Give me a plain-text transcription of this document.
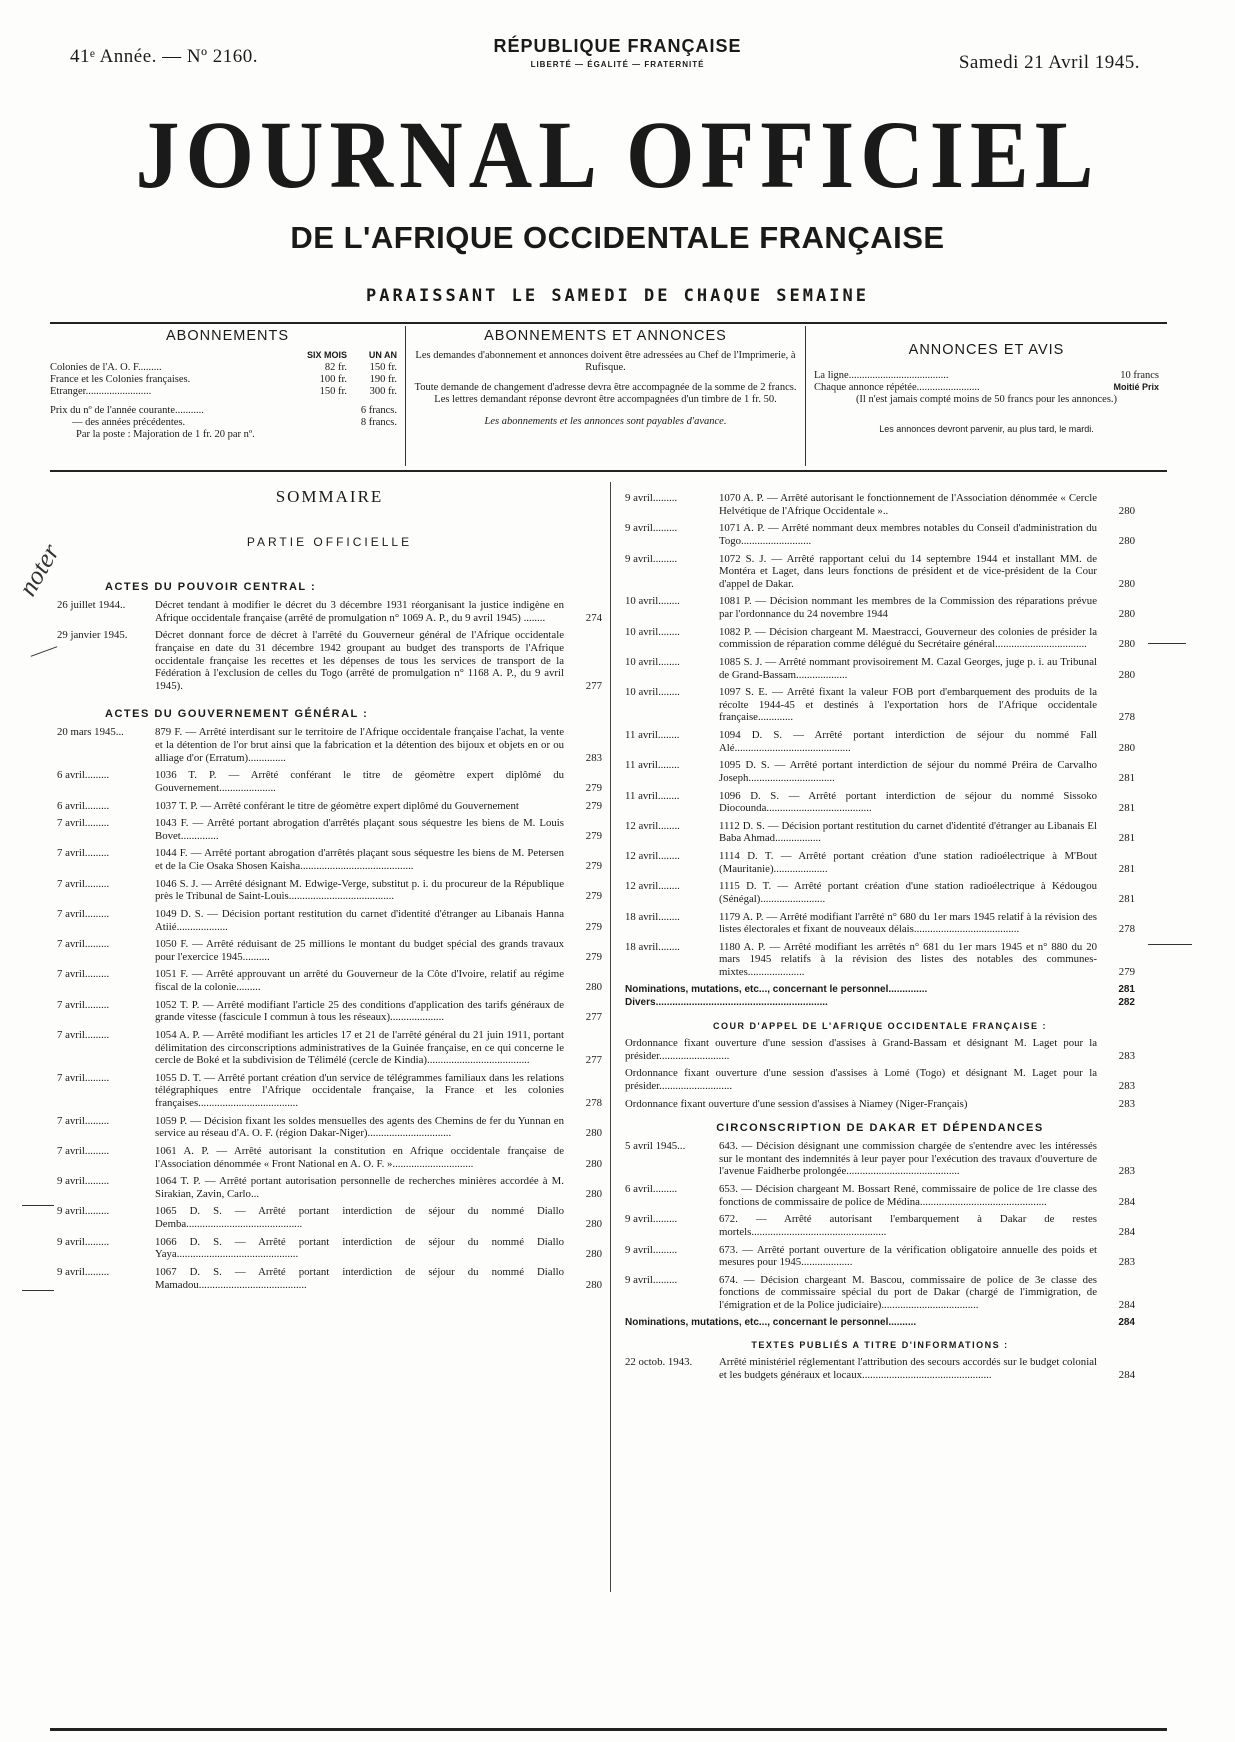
41ᵉ Année. — Nº 2160.	RÉPUBLIQUE FRANÇAISE
LIBERTÉ — ÉGALITÉ — FRATERNITÉ	Samedi 21 Avril 1945.
JOURNAL OFFICIEL
DE L'AFRIQUE OCCIDENTALE FRANÇAISE
PARAISSANT LE SAMEDI DE CHAQUE SEMAINE
ABONNEMENTS
SIX MOIS	UN AN
Colonies de l'A. O. F.........	82 fr.	150 fr.
France et les Colonies françaises.	100 fr.	190 fr.
Étranger.........................	150 fr.	300 fr.
Prix du nº de l'année courante...........	6 francs.
— des années précédentes.	8 francs.
Par la poste : Majoration de 1 fr. 20 par nº.
ABONNEMENTS ET ANNONCES
Les demandes d'abonnement et annonces doivent être adressées au Chef de l'Imprimerie, à Rufisque.
Toute demande de changement d'adresse devra être accompagnée de la somme de 2 francs. Les lettres demandant réponse devront être accompagnées d'un timbre de 1 fr. 50.
Les abonnements et les annonces sont payables d'avance.
ANNONCES ET AVIS
La ligne......................................	10 francs
Chaque annonce répétée........................	Moitié Prix
(Il n'est jamais compté moins de 50 francs pour les annonces.)
Les annonces devront parvenir, au plus tard, le mardi.
noter
SOMMAIRE
PARTIE OFFICIELLE
ACTES DU POUVOIR CENTRAL :
26 juillet 1944..	Décret tendant à modifier le décret du 3 décembre 1931 réorganisant la justice indigène en Afrique occidentale française (arrêté de promulgation n° 1069 A. P., du 9 avril 1945) ........	274
29 janvier 1945.	Décret donnant force de décret à l'arrêté du Gouverneur général de l'Afrique occidentale française en date du 31 décembre 1942 groupant au budget des transports de l'Afrique occidentale française les recettes et les dépenses de tous les services de transport de la Fédération à l'exclusion de celles du Togo (arrêté de promulgation n° 1168 A. P., du 9 avril 1945).	277
ACTES DU GOUVERNEMENT GÉNÉRAL :
20 mars 1945...	879 F. — Arrêté interdisant sur le territoire de l'Afrique occidentale française l'achat, la vente et la détention de l'or brut ainsi que la fabrication et la détention des bijoux et objets en or ou alliage d'or (Erratum)..............	283
6 avril.........	1036 T. P. — Arrêté conférant le titre de géomètre expert diplômé du Gouvernement.....................	279
6 avril.........	1037 T. P. — Arrêté conférant le titre de géomètre expert diplômé du Gouvernement	279
7 avril.........	1043 F. — Arrêté portant abrogation d'arrêtés plaçant sous séquestre les biens de M. Louis Bovet..............	279
7 avril.........	1044 F. — Arrêté portant abrogation d'arrêtés plaçant sous séquestre les biens de M. Petersen et de la Cie Osaka Shosen Kaisha..........................................	279
7 avril.........	1046 S. J. — Arrêté désignant M. Edwige-Verge, substitut p. i. du procureur de la République près le Tribunal de Saint-Louis.......................................	279
7 avril.........	1049 D. S. — Décision portant restitution du carnet d'identité d'étranger au Libanais Hanna Atiié...................	279
7 avril.........	1050 F. — Arrêté réduisant de 25 millions le montant du budget spécial des grands travaux pour l'exercice 1945..........	279
7 avril.........	1051 F. — Arrêté approuvant un arrêté du Gouverneur de la Côte d'Ivoire, relatif au régime fiscal de la colonie.........	280
7 avril.........	1052 T. P. — Arrêté modifiant l'article 25 des conditions d'application des tarifs généraux de grande vitesse (fascicule I commun à tous les réseaux)....................	277
7 avril.........	1054 A. P. — Arrêté modifiant les articles 17 et 21 de l'arrêté général du 21 juin 1911, portant délimitation des circonscriptions administratives de la Guinée française, en ce qui concerne le cercle de Boké et la subdivision de Télimélé (cercle de Kindia)......................................	277
7 avril.........	1055 D. T. — Arrêté portant création d'un service de télégrammes familiaux dans les relations télégraphiques entre l'Afrique occidentale française, la France et les colonies françaises.....................................	278
7 avril.........	1059 P. — Décision fixant les soldes mensuelles des agents des Chemins de fer du Yunnan en service au réseau d'A. O. F. (région Dakar-Niger)...............................	280
7 avril.........	1061 A. P. — Arrêté autorisant la constitution en Afrique occidentale française de l'Association dénommée « Front National en A. O. F. »..............................	280
9 avril.........	1064 T. P. — Arrêté portant autorisation personnelle de recherches minières accordée à M. Sirakian, Zavin, Carlo...	280
9 avril.........	1065 D. S. — Arrêté portant interdiction de séjour du nommé Diallo Demba...........................................	280
9 avril.........	1066 D. S. — Arrêté portant interdiction de séjour du nommé Diallo Yaya.............................................	280
9 avril.........	1067 D. S. — Arrêté portant interdiction de séjour du nommé Diallo Mamadou........................................	280
9 avril.........	1070 A. P. — Arrêté autorisant le fonctionnement de l'Association dénommée « Cercle Helvétique de l'Afrique Occidentale »..	280
9 avril.........	1071 A. P. — Arrêté nommant deux membres notables du Conseil d'administration du Togo..........................	280
9 avril.........	1072 S. J. — Arrêté rapportant celui du 14 septembre 1944 et installant MM. de Montéra et Laget, dans leurs fonctions de président et de vice-président de la Cour d'appel de Dakar.	280
10 avril........	1081 P. — Décision nommant les membres de la Commission des réparations prévue par l'ordonnance du 24 novembre 1944	280
10 avril........	1082 P. — Décision chargeant M. Maestracci, Gouverneur des colonies de présider la commission de réparation comme délégué du Secrétaire général..................................	280
10 avril........	1085 S. J. — Arrêté nommant provisoirement M. Cazal Georges, juge p. i. au Tribunal de Grand-Bassam...................	280
10 avril........	1097 S. E. — Arrêté fixant la valeur FOB port d'embarquement des produits de la récolte 1944-45 et destinés à l'exportation hors de l'Afrique occidentale française.............	278
11 avril........	1094 D. S. — Arrêté portant interdiction de séjour du nommé Fall Alé...........................................	280
11 avril........	1095 D. S. — Arrêté portant interdiction de séjour du nommé Préira de Carvalho Joseph................................	281
11 avril........	1096 D. S. — Arrêté portant interdiction de séjour du nommé Sissoko Diocounda.......................................	281
12 avril........	1112 D. S. — Décision portant restitution du carnet d'identité d'étranger au Libanais El Baba Ahmad.................	281
12 avril........	1114 D. T. — Arrêté portant création d'une station radioélectrique à M'Bout (Mauritanie)....................	281
12 avril........	1115 D. T. — Arrêté portant création d'une station radioélectrique à Kédougou (Sénégal)........................	281
18 avril........	1179 A. P. — Arrêté modifiant l'arrêté n° 680 du 1er mars 1945 relatif à la révision des listes électorales et fixant de nouveaux délais.......................................	278
18 avril........	1180 A. P. — Arrêté modifiant les arrêtés n° 681 du 1er mars 1945 et n° 880 du 20 mars 1945 relatifs à la révision des listes des notables des communes-mixtes.....................	279
Nominations, mutations, etc..., concernant le personnel..............	281
Divers..............................................................	282
COUR D'APPEL DE L'AFRIQUE OCCIDENTALE FRANÇAISE :
Ordonnance fixant ouverture d'une session d'assises à Grand-Bassam et désignant M. Laget pour la présider..........................	283
Ordonnance fixant ouverture d'une session d'assises à Lomé (Togo) et désignant M. Laget pour la présider...........................	283
Ordonnance fixant ouverture d'une session d'assises à Niamey (Niger-Français)	283
CIRCONSCRIPTION DE DAKAR ET DÉPENDANCES
5 avril 1945...	643. — Décision désignant une commission chargée de s'entendre avec les intéressés sur le montant des indemnités à leur payer pour l'exécution des travaux d'ouverture de l'avenue Faidherbe prolongée..........................................	283
6 avril.........	653. — Décision chargeant M. Bossart René, commissaire de police de 1re classe des fonctions de commissaire de police de Médina...............................................	284
9 avril.........	672. — Arrêté autorisant l'embarquement à Dakar de restes mortels..................................................	284
9 avril.........	673. — Arrêté portant ouverture de la vérification obligatoire annuelle des poids et mesures pour 1945...................	283
9 avril.........	674. — Décision chargeant M. Bascou, commissaire de police de 3e classe des fonctions de commissaire spécial du port de Dakar (chargé de l'immigration, de l'émigration et de la Police judiciaire)....................................	284
Nominations, mutations, etc..., concernant le personnel..........	284
TEXTES PUBLIÉS A TITRE D'INFORMATIONS :
22 octob. 1943.	Arrêté ministériel réglementant l'attribution des secours accordés sur le budget colonial et les budgets généraux et locaux................................................	284
